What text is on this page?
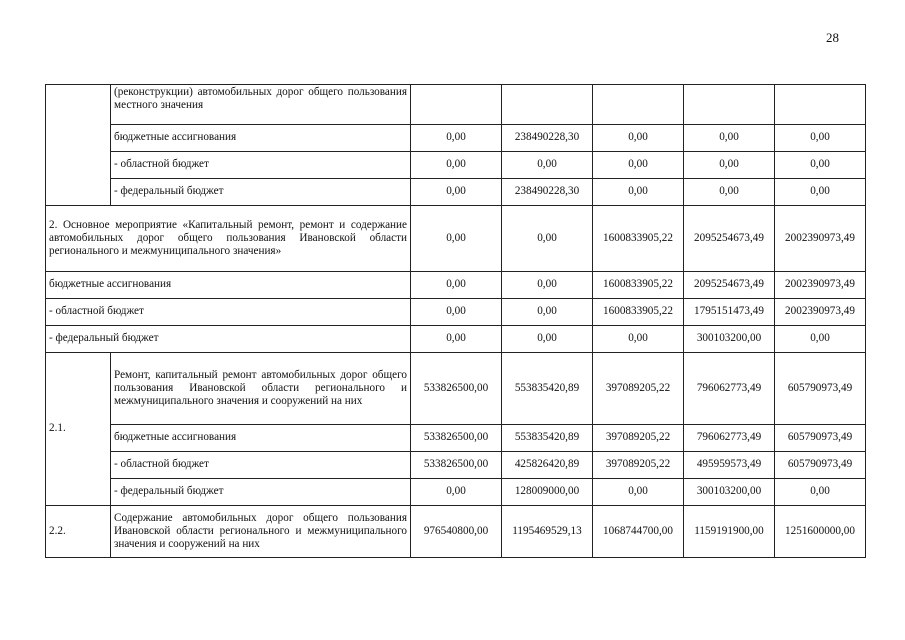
28
	(реконструкции) автомобильных дорог общего пользования местного значения					
	бюджетные ассигнования	0,00	238490228,30	0,00	0,00	0,00
	- областной бюджет	0,00	0,00	0,00	0,00	0,00
	- федеральный бюджет	0,00	238490228,30	0,00	0,00	0,00
2. Основное мероприятие «Капитальный ремонт, ремонт и содержание автомобильных дорог общего пользования Ивановской области регионального и межмуниципального значения»		0,00	0,00	1600833905,22	2095254673,49	2002390973,49
бюджетные ассигнования		0,00	0,00	1600833905,22	2095254673,49	2002390973,49
- областной бюджет		0,00	0,00	1600833905,22	1795151473,49	2002390973,49
- федеральный бюджет		0,00	0,00	0,00	300103200,00	0,00
2.1.	Ремонт, капитальный ремонт автомобильных дорог общего пользования Ивановской области регионального и межмуниципального значения и сооружений на них	533826500,00	553835420,89	397089205,22	796062773,49	605790973,49
	бюджетные ассигнования	533826500,00	553835420,89	397089205,22	796062773,49	605790973,49
	- областной бюджет	533826500,00	425826420,89	397089205,22	495959573,49	605790973,49
	- федеральный бюджет	0,00	128009000,00	0,00	300103200,00	0,00
2.2.	Содержание автомобильных дорог общего пользования Ивановской области регионального и межмуниципального значения и сооружений на них	976540800,00	1195469529,13	1068744700,00	1159191900,00	1251600000,00
